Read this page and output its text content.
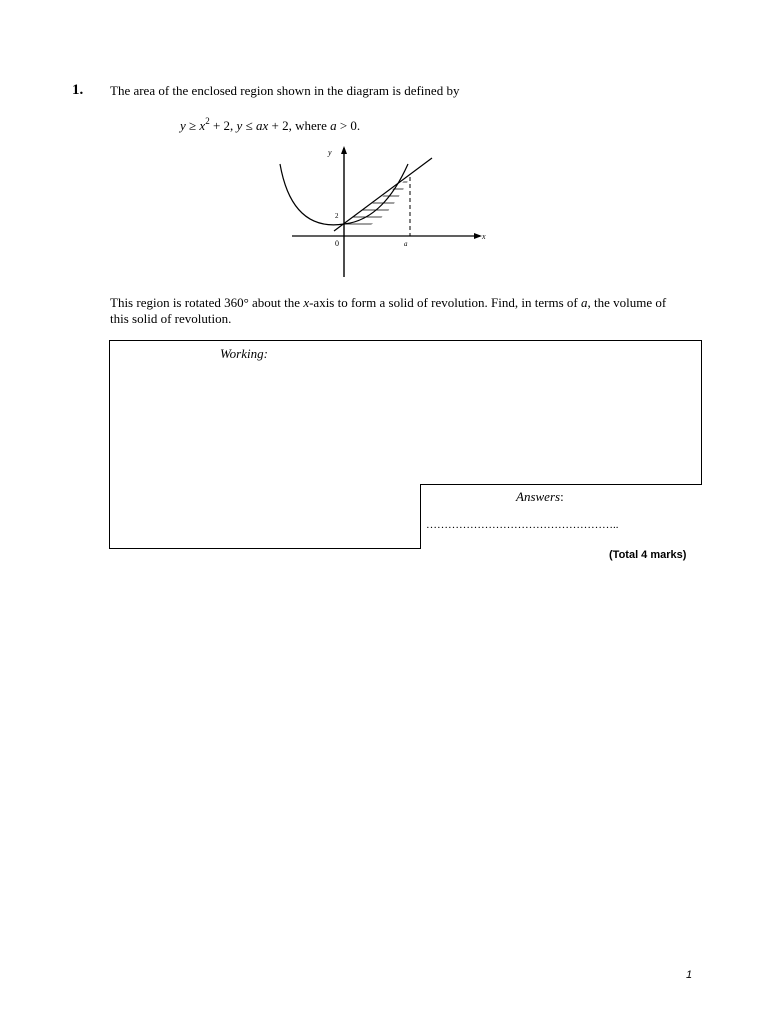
1. The area of the enclosed region shown in the diagram is defined by
$y \ge x^2 + 2$, y ≤ ax + 2, where a > 0.
y
x
2
0	a
This region is rotated 360° about the x-axis to form a solid of revolution. Find, in terms of a, the volume of this solid of revolution.
Working:
Answers:
……………………………………………..
(Total 4 marks)
1
